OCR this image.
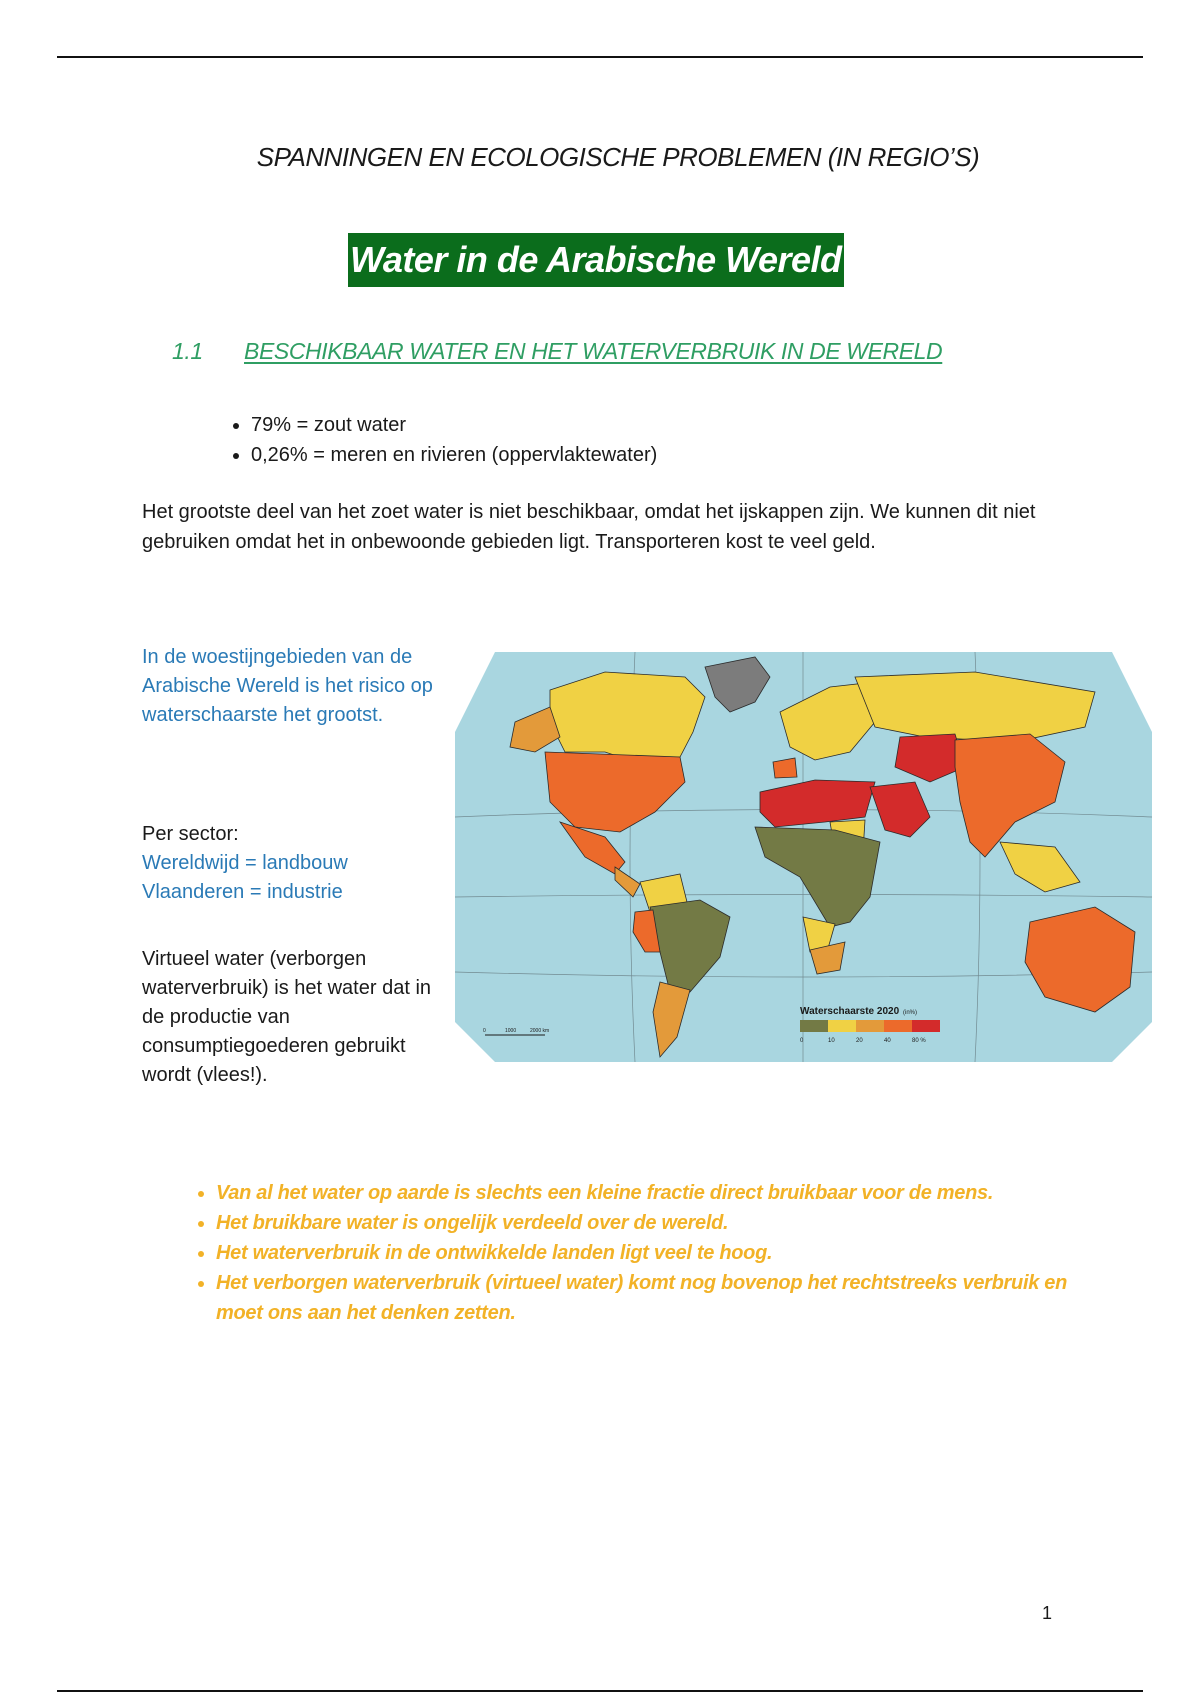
SPANNINGEN EN ECOLOGISCHE PROBLEMEN (IN REGIO’S)
Water in de Arabische Wereld
1.1 BESCHIKBAAR WATER EN HET WATERVERBRUIK IN DE WERELD
• 79% = zout water
• 0,26% = meren en rivieren (oppervlaktewater)
Het grootste deel van het zoet water is niet beschikbaar, omdat het ijskappen zijn. We kunnen dit niet gebruiken omdat het in onbewoonde gebieden ligt. Transporteren kost te veel geld.
In de woestijngebieden van de Arabische Wereld is het risico op waterschaarste het grootst.
Per sector:
Wereldwijd = landbouw
Vlaanderen = industrie
Virtueel water (verborgen waterverbruik) is het water dat in de productie van consumptiegoederen gebruikt wordt (vlees!).
Waterschaarste 2020 (in%)
0	10	20	40	80 %
0	1000	2000 km
• Van al het water op aarde is slechts een kleine fractie direct bruikbaar voor de mens.
• Het bruikbare water is ongelijk verdeeld over de wereld.
• Het waterverbruik in de ontwikkelde landen ligt veel te hoog.
• Het verborgen waterverbruik (virtueel water) komt nog bovenop het rechtstreeks verbruik en moet ons aan het denken zetten.
1
